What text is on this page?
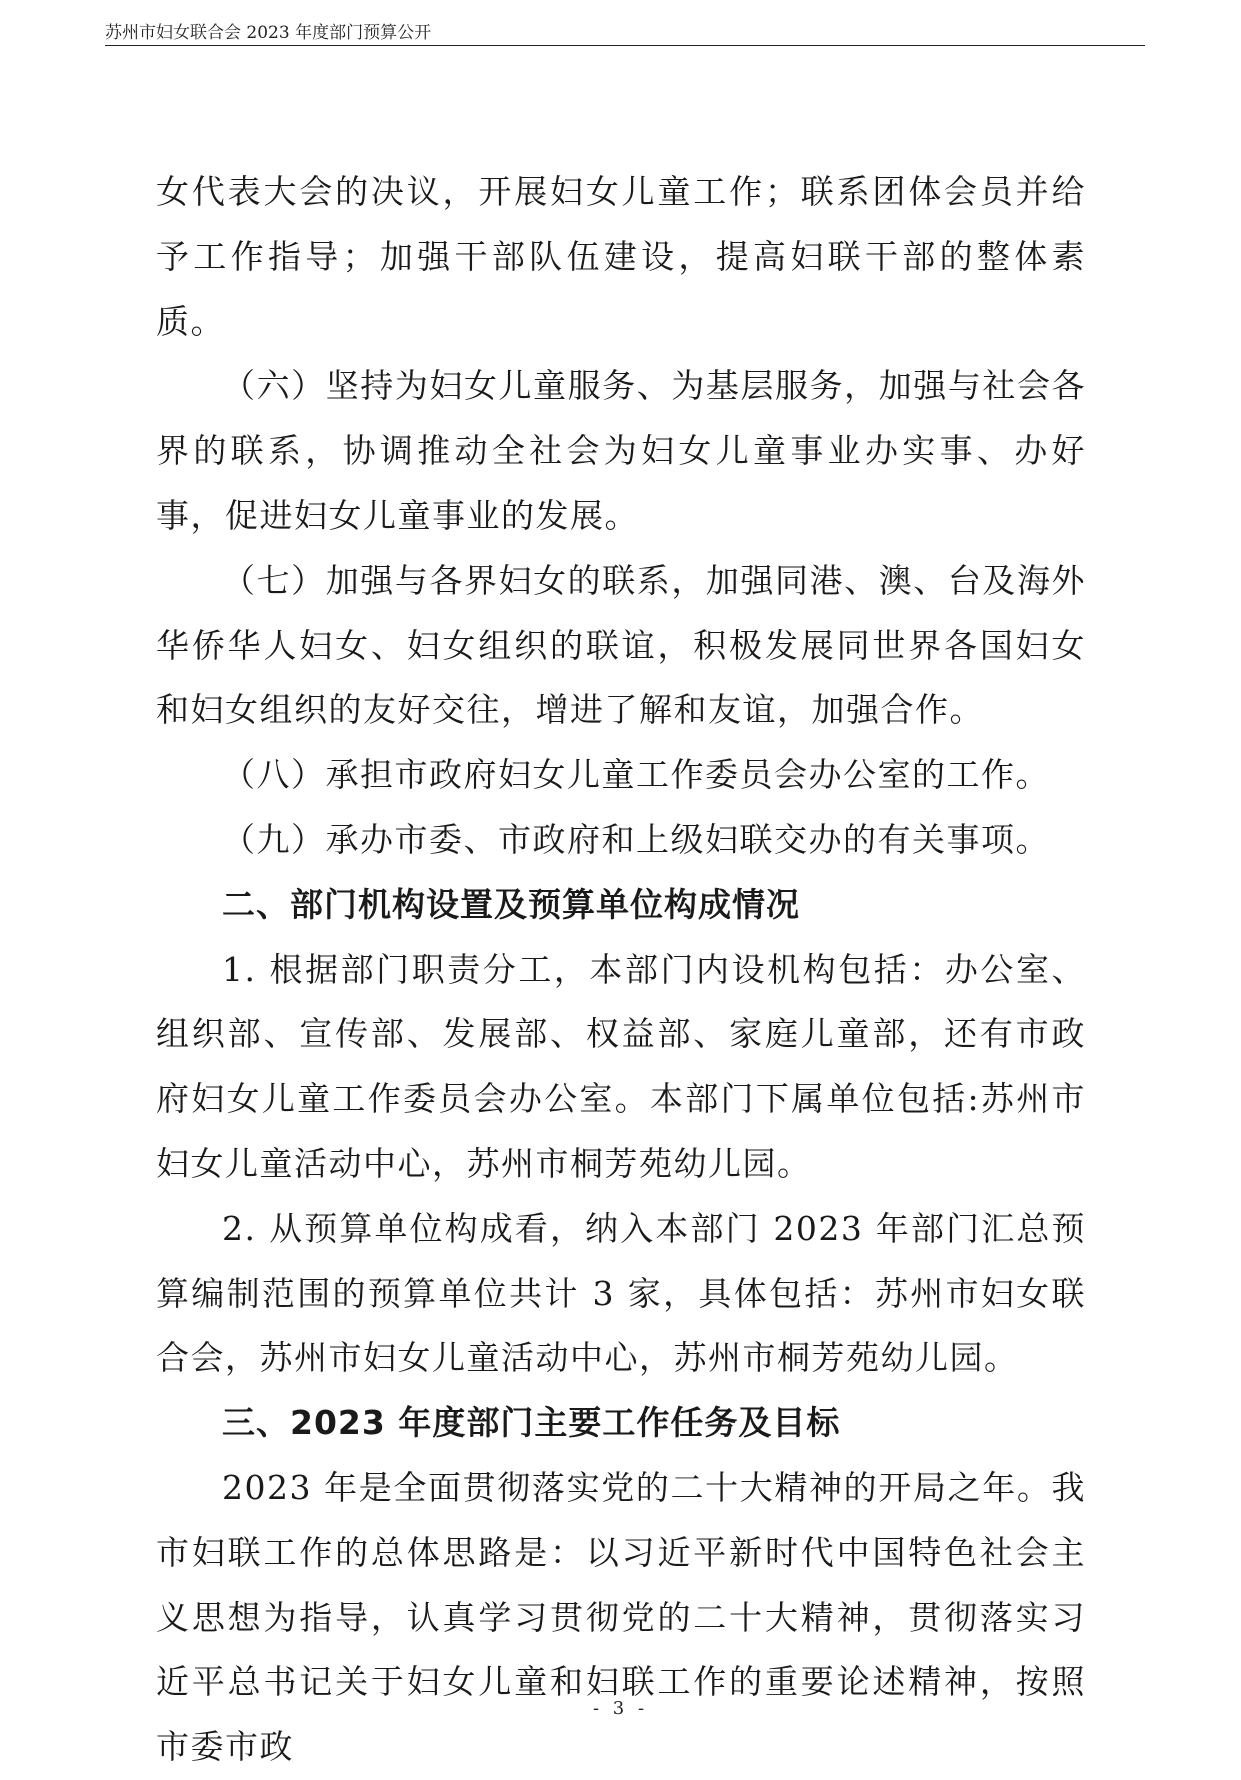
苏州市妇女联合会 2023 年度部门预算公开

女代表大会的决议，开展妇女儿童工作；联系团体会员并给予工作指导；加强干部队伍建设，提高妇联干部的整体素质。

（六）坚持为妇女儿童服务、为基层服务，加强与社会各界的联系，协调推动全社会为妇女儿童事业办实事、办好事，促进妇女儿童事业的发展。

（七）加强与各界妇女的联系，加强同港、澳、台及海外华侨华人妇女、妇女组织的联谊，积极发展同世界各国妇女和妇女组织的友好交往，增进了解和友谊，加强合作。

（八）承担市政府妇女儿童工作委员会办公室的工作。

（九）承办市委、市政府和上级妇联交办的有关事项。

二、部门机构设置及预算单位构成情况

1. 根据部门职责分工，本部门内设机构包括：办公室、组织部、宣传部、发展部、权益部、家庭儿童部，还有市政府妇女儿童工作委员会办公室。本部门下属单位包括:苏州市妇女儿童活动中心，苏州市桐芳苑幼儿园。

2. 从预算单位构成看，纳入本部门 2023 年部门汇总预算编制范围的预算单位共计 3 家，具体包括：苏州市妇女联合会，苏州市妇女儿童活动中心，苏州市桐芳苑幼儿园。

三、2023 年度部门主要工作任务及目标

2023 年是全面贯彻落实党的二十大精神的开局之年。我市妇联工作的总体思路是：以习近平新时代中国特色社会主义思想为指导，认真学习贯彻党的二十大精神，贯彻落实习近平总书记关于妇女儿童和妇联工作的重要论述精神，按照市委市政

- 3 -
